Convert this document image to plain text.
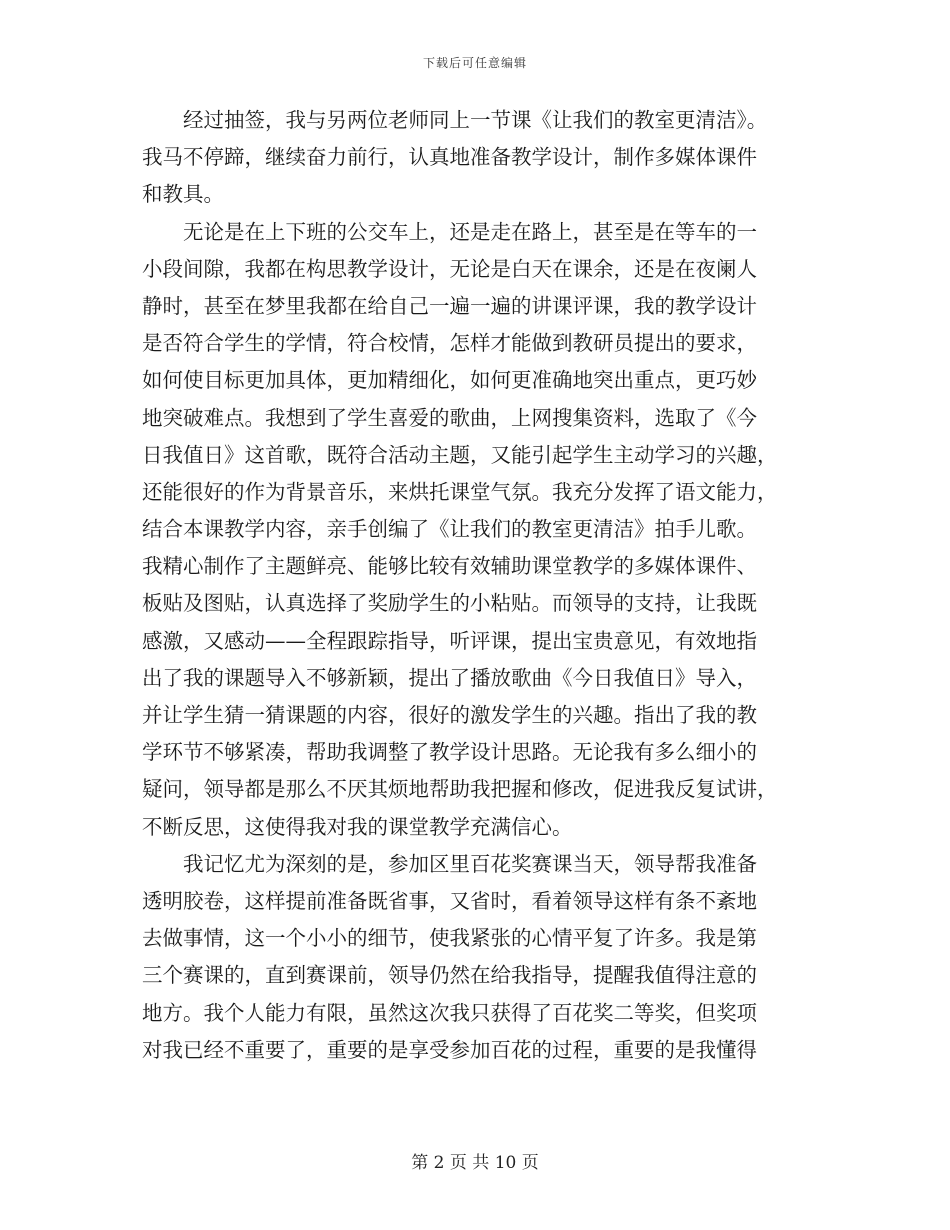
下载后可任意编辑
　　经过抽签，我与另两位老师同上一节课《让我们的教室更清洁》。
我马不停蹄，继续奋力前行，认真地准备教学设计，制作多媒体课件
和教具。
　　无论是在上下班的公交车上，还是走在路上，甚至是在等车的一
小段间隙，我都在构思教学设计，无论是白天在课余，还是在夜阑人
静时，甚至在梦里我都在给自己一遍一遍的讲课评课，我的教学设计
是否符合学生的学情，符合校情，怎样才能做到教研员提出的要求，
如何使目标更加具体，更加精细化，如何更准确地突出重点，更巧妙
地突破难点。我想到了学生喜爱的歌曲，上网搜集资料，选取了《今
日我值日》这首歌，既符合活动主题，又能引起学生主动学习的兴趣，
还能很好的作为背景音乐，来烘托课堂气氛。我充分发挥了语文能力，
结合本课教学内容，亲手创编了《让我们的教室更清洁》拍手儿歌。
我精心制作了主题鲜亮、能够比较有效辅助课堂教学的多媒体课件、
板贴及图贴，认真选择了奖励学生的小粘贴。而领导的支持，让我既
感激，又感动——全程跟踪指导，听评课，提出宝贵意见，有效地指
出了我的课题导入不够新颖，提出了播放歌曲《今日我值日》导入，
并让学生猜一猜课题的内容，很好的激发学生的兴趣。指出了我的教
学环节不够紧凑，帮助我调整了教学设计思路。无论我有多么细小的
疑问，领导都是那么不厌其烦地帮助我把握和修改，促进我反复试讲，
不断反思，这使得我对我的课堂教学充满信心。
　　我记忆尤为深刻的是，参加区里百花奖赛课当天，领导帮我准备
透明胶卷，这样提前准备既省事，又省时，看着领导这样有条不紊地
去做事情，这一个小小的细节，使我紧张的心情平复了许多。我是第
三个赛课的，直到赛课前，领导仍然在给我指导，提醒我值得注意的
地方。我个人能力有限，虽然这次我只获得了百花奖二等奖，但奖项
对我已经不重要了，重要的是享受参加百花的过程，重要的是我懂得
第 2 页 共 10 页
